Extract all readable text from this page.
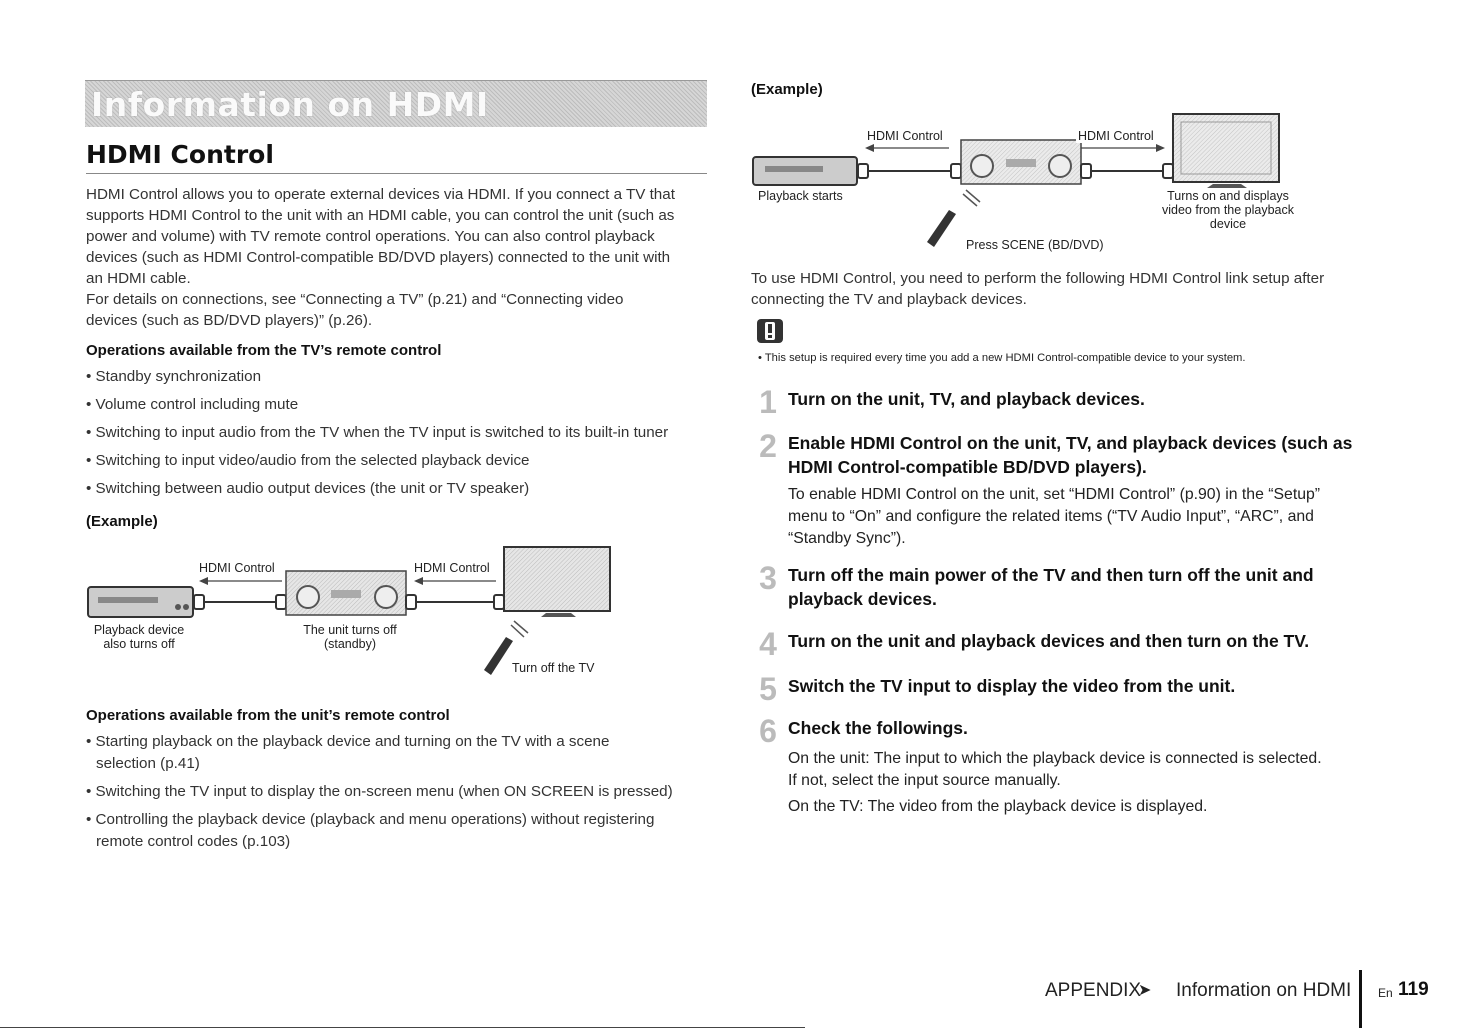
Information on HDMI
HDMI Control
HDMI Control allows you to operate external devices via HDMI. If you connect a TV that
supports HDMI Control to the unit with an HDMI cable, you can control the unit (such as
power and volume) with TV remote control operations. You can also control playback
devices (such as HDMI Control-compatible BD/DVD players) connected to the unit with
an HDMI cable.
For details on connections, see “Connecting a TV” (p.21) and “Connecting video
devices (such as BD/DVD players)” (p.26).
Operations available from the TV’s remote control
• Standby synchronization
• Volume control including mute
• Switching to input audio from the TV when the TV input is switched to its built-in tuner
• Switching to input video/audio from the selected playback device
• Switching between audio output devices (the unit or TV speaker)
(Example)
HDMI Control	HDMI Control
Playback device
also turns off
The unit turns off
(standby)
Turn off the TV
Operations available from the unit’s remote control
• Starting playback on the playback device and turning on the TV with a scene
selection (p.41)
• Switching the TV input to display the on-screen menu (when ON SCREEN is pressed)
• Controlling the playback device (playback and menu operations) without registering
remote control codes (p.103)
(Example)
HDMI Control	HDMI Control
Playback starts	Turns on and displays
video from the playback
device
Press SCENE (BD/DVD)
To use HDMI Control, you need to perform the following HDMI Control link setup after
connecting the TV and playback devices.
• This setup is required every time you add a new HDMI Control-compatible device to your system.
1 Turn on the unit, TV, and playback devices.
2 Enable HDMI Control on the unit, TV, and playback devices (such as
HDMI Control-compatible BD/DVD players).
To enable HDMI Control on the unit, set “HDMI Control” (p.90) in the “Setup”
menu to “On” and configure the related items (“TV Audio Input”, “ARC”, and
“Standby Sync”).
3 Turn off the main power of the TV and then turn off the unit and
playback devices.
4 Turn on the unit and playback devices and then turn on the TV.
5 Switch the TV input to display the video from the unit.
6 Check the followings.
On the unit: The input to which the playback device is connected is selected.
If not, select the input source manually.
On the TV: The video from the playback device is displayed.
APPENDIX
➤ Information on HDMI En 119
